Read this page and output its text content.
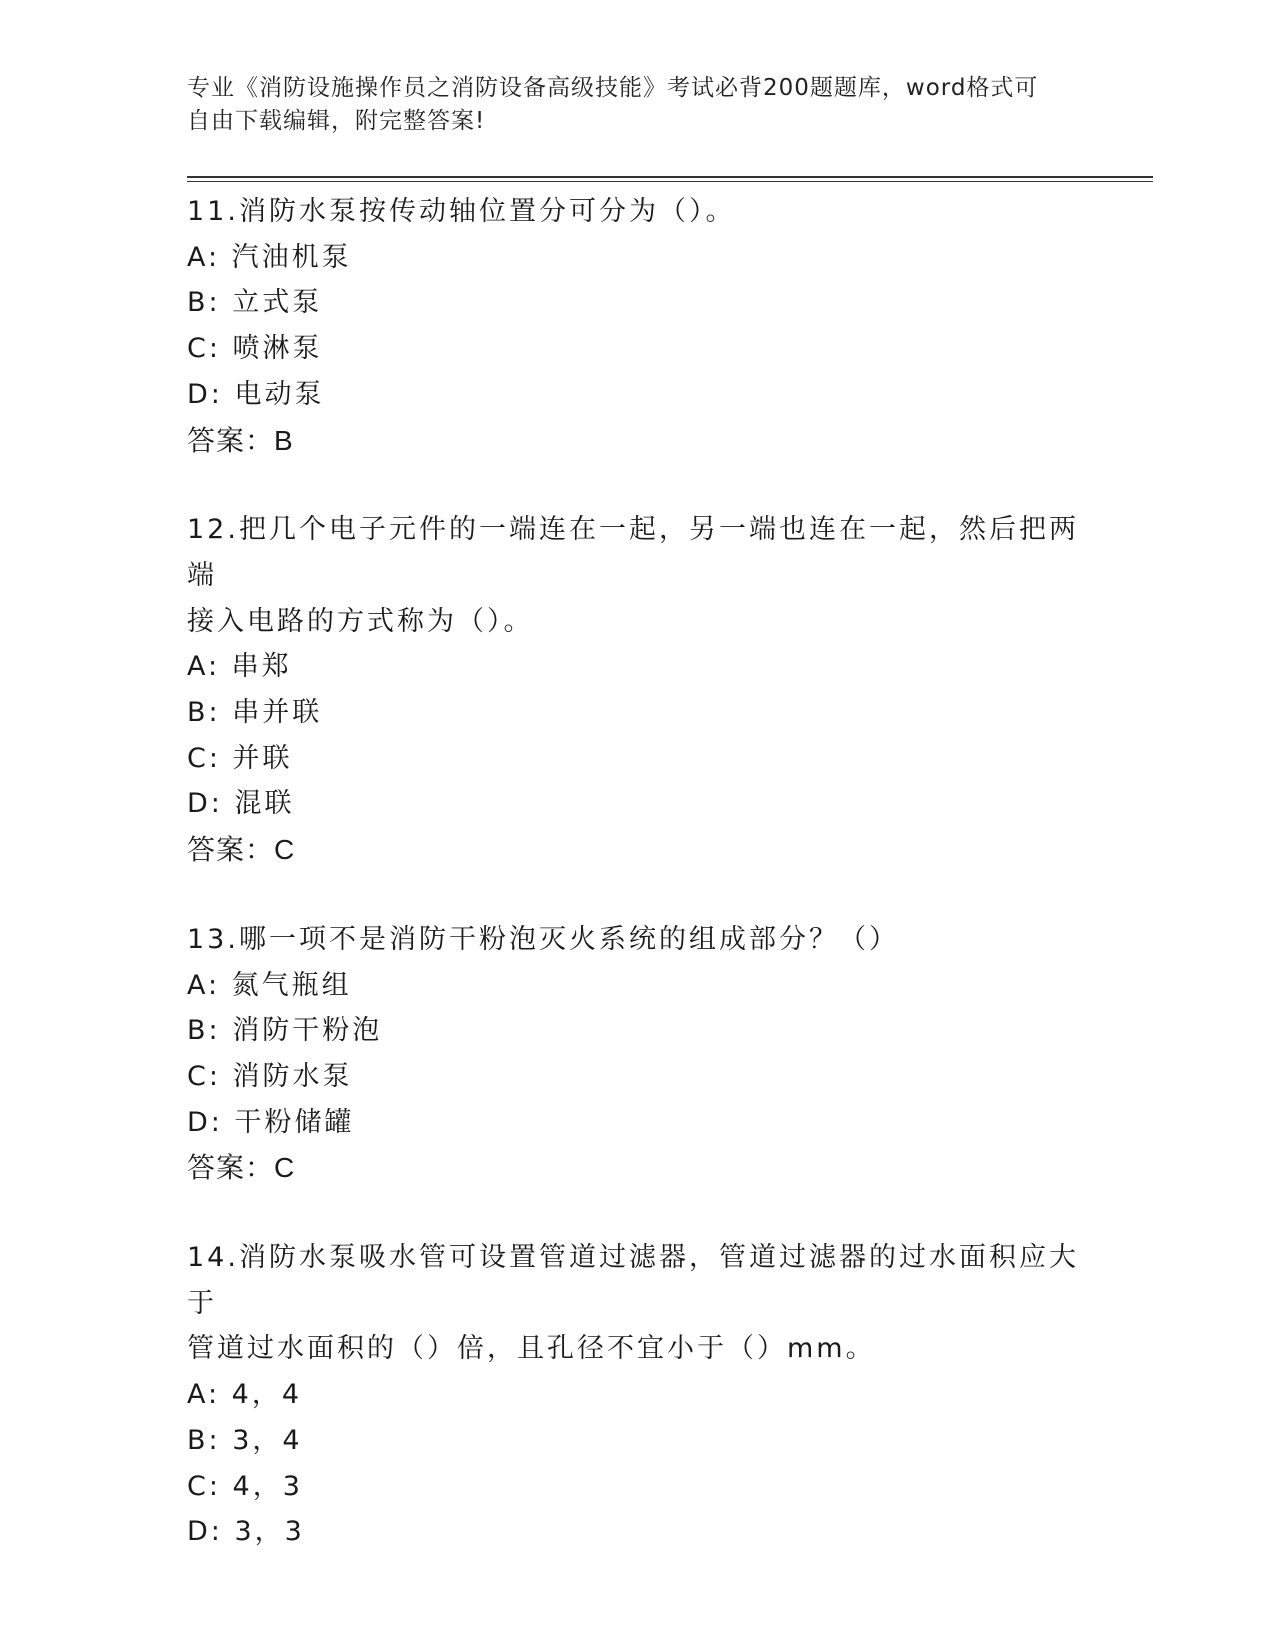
专业《消防设施操作员之消防设备高级技能》考试必背200题题库，word格式可
自由下载编辑，附完整答案!

11.消防水泵按传动轴位置分可分为（）。

A: 汽油机泵

B: 立式泵

C: 喷淋泵

D: 电动泵

答案：B

12.把几个电子元件的一端连在一起，另一端也连在一起，然后把两端

接入电路的方式称为（）。

A: 串郑

B: 串并联

C: 并联

D: 混联

答案：C

13.哪一项不是消防干粉泡灭火系统的组成部分？（）

A: 氮气瓶组

B: 消防干粉泡

C: 消防水泵

D: 干粉储罐

答案：C

14.消防水泵吸水管可设置管道过滤器，管道过滤器的过水面积应大于

管道过水面积的（）倍，且孔径不宜小于（）mm。

A: 4，4

B: 3，4

C: 4，3

D: 3，3
